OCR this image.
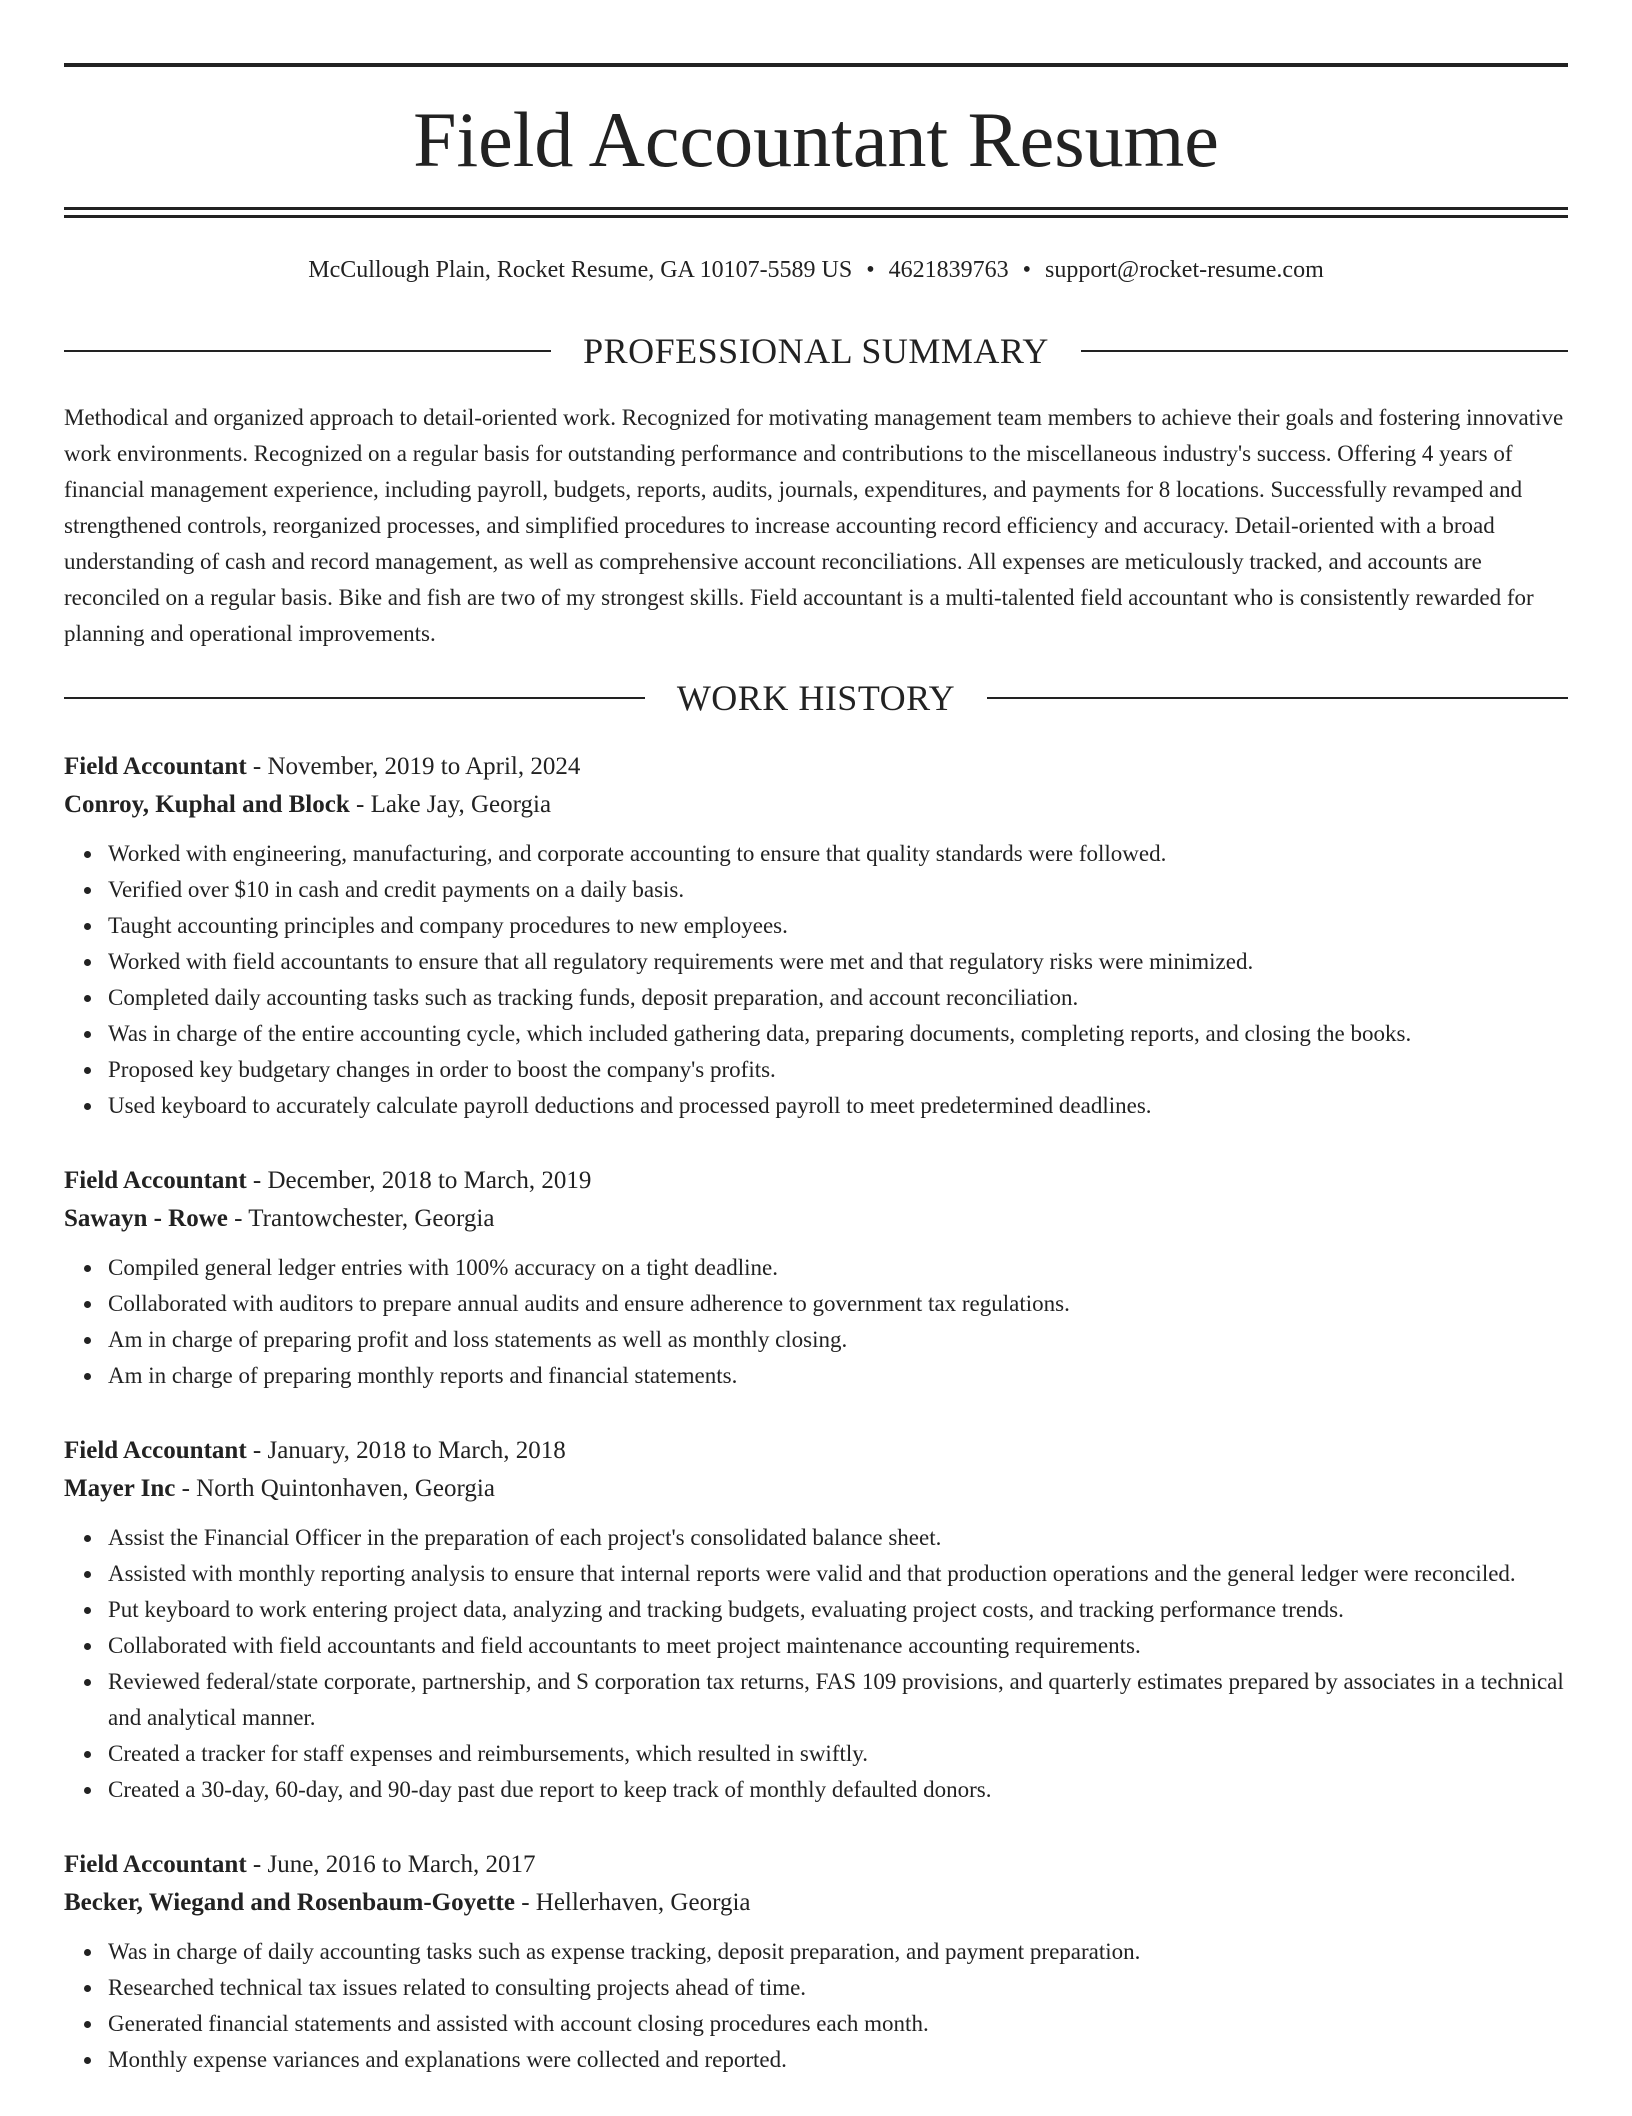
Field Accountant Resume
McCullough Plain, Rocket Resume, GA 10107-5589 US • 4621839763 • support@rocket-resume.com
PROFESSIONAL SUMMARY

Methodical and organized approach to detail-oriented work. Recognized for motivating management team members to achieve their goals and fostering innovative work environments. Recognized on a regular basis for outstanding performance and contributions to the miscellaneous industry's success. Offering 4 years of financial management experience, including payroll, budgets, reports, audits, journals, expenditures, and payments for 8 locations. Successfully revamped and strengthened controls, reorganized processes, and simplified procedures to increase accounting record efficiency and accuracy. Detail-oriented with a broad understanding of cash and record management, as well as comprehensive account reconciliations. All expenses are meticulously tracked, and accounts are reconciled on a regular basis. Bike and fish are two of my strongest skills. Field accountant is a multi-talented field accountant who is consistently rewarded for planning and operational improvements.

WORK HISTORY
Field Accountant - November, 2019 to April, 2024
Conroy, Kuphal and Block - Lake Jay, Georgia
Worked with engineering, manufacturing, and corporate accounting to ensure that quality standards were followed.
Verified over $10 in cash and credit payments on a daily basis.
Taught accounting principles and company procedures to new employees.
Worked with field accountants to ensure that all regulatory requirements were met and that regulatory risks were minimized.
Completed daily accounting tasks such as tracking funds, deposit preparation, and account reconciliation.
Was in charge of the entire accounting cycle, which included gathering data, preparing documents, completing reports, and closing the books.
Proposed key budgetary changes in order to boost the company's profits.
Used keyboard to accurately calculate payroll deductions and processed payroll to meet predetermined deadlines.
Field Accountant - December, 2018 to March, 2019
Sawayn - Rowe - Trantowchester, Georgia
Compiled general ledger entries with 100% accuracy on a tight deadline.
Collaborated with auditors to prepare annual audits and ensure adherence to government tax regulations.
Am in charge of preparing profit and loss statements as well as monthly closing.
Am in charge of preparing monthly reports and financial statements.
Field Accountant - January, 2018 to March, 2018
Mayer Inc - North Quintonhaven, Georgia
Assist the Financial Officer in the preparation of each project's consolidated balance sheet.
Assisted with monthly reporting analysis to ensure that internal reports were valid and that production operations and the general ledger were reconciled.
Put keyboard to work entering project data, analyzing and tracking budgets, evaluating project costs, and tracking performance trends.
Collaborated with field accountants and field accountants to meet project maintenance accounting requirements.
Reviewed federal/state corporate, partnership, and S corporation tax returns, FAS 109 provisions, and quarterly estimates prepared by associates in a technical and analytical manner.
Created a tracker for staff expenses and reimbursements, which resulted in swiftly.
Created a 30-day, 60-day, and 90-day past due report to keep track of monthly defaulted donors.
Field Accountant - June, 2016 to March, 2017
Becker, Wiegand and Rosenbaum-Goyette - Hellerhaven, Georgia
Was in charge of daily accounting tasks such as expense tracking, deposit preparation, and payment preparation.
Researched technical tax issues related to consulting projects ahead of time.
Generated financial statements and assisted with account closing procedures each month.
Monthly expense variances and explanations were collected and reported.
